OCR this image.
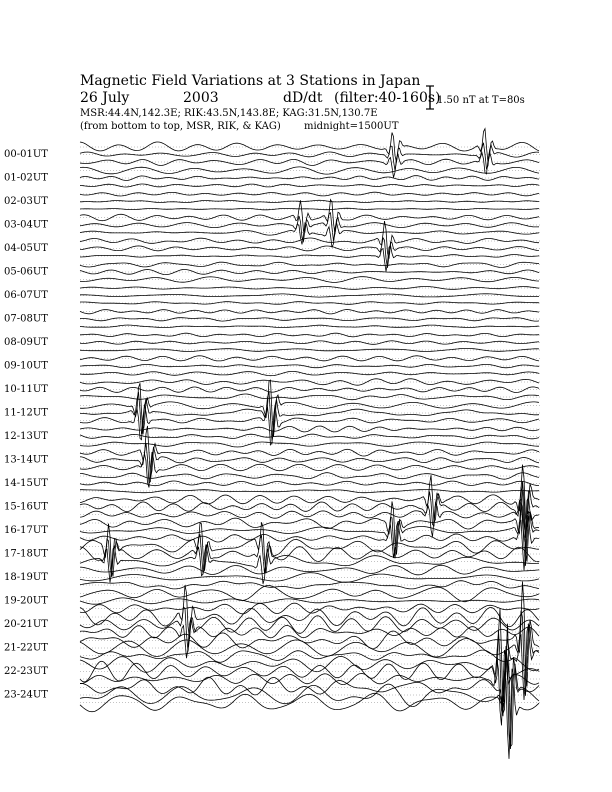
Magnetic Field Variations at 3 Stations in Japan
26 July	2003	dD/dt (filter:40-160s)
MSR:44.4N,142.3E; RIK:43.5N,143.8E; KAG:31.5N,130.7E
(from bottom to top, MSR, RIK, & KAG) midnight=1500UT
1.50 nT at T=80s
00-01UT
01-02UT
02-03UT
03-04UT
04-05UT
05-06UT
06-07UT
07-08UT
08-09UT
09-10UT
10-11UT
11-12UT
12-13UT
13-14UT
14-15UT
15-16UT
16-17UT
17-18UT
18-19UT
19-20UT
20-21UT
21-22UT
22-23UT
23-24UT
